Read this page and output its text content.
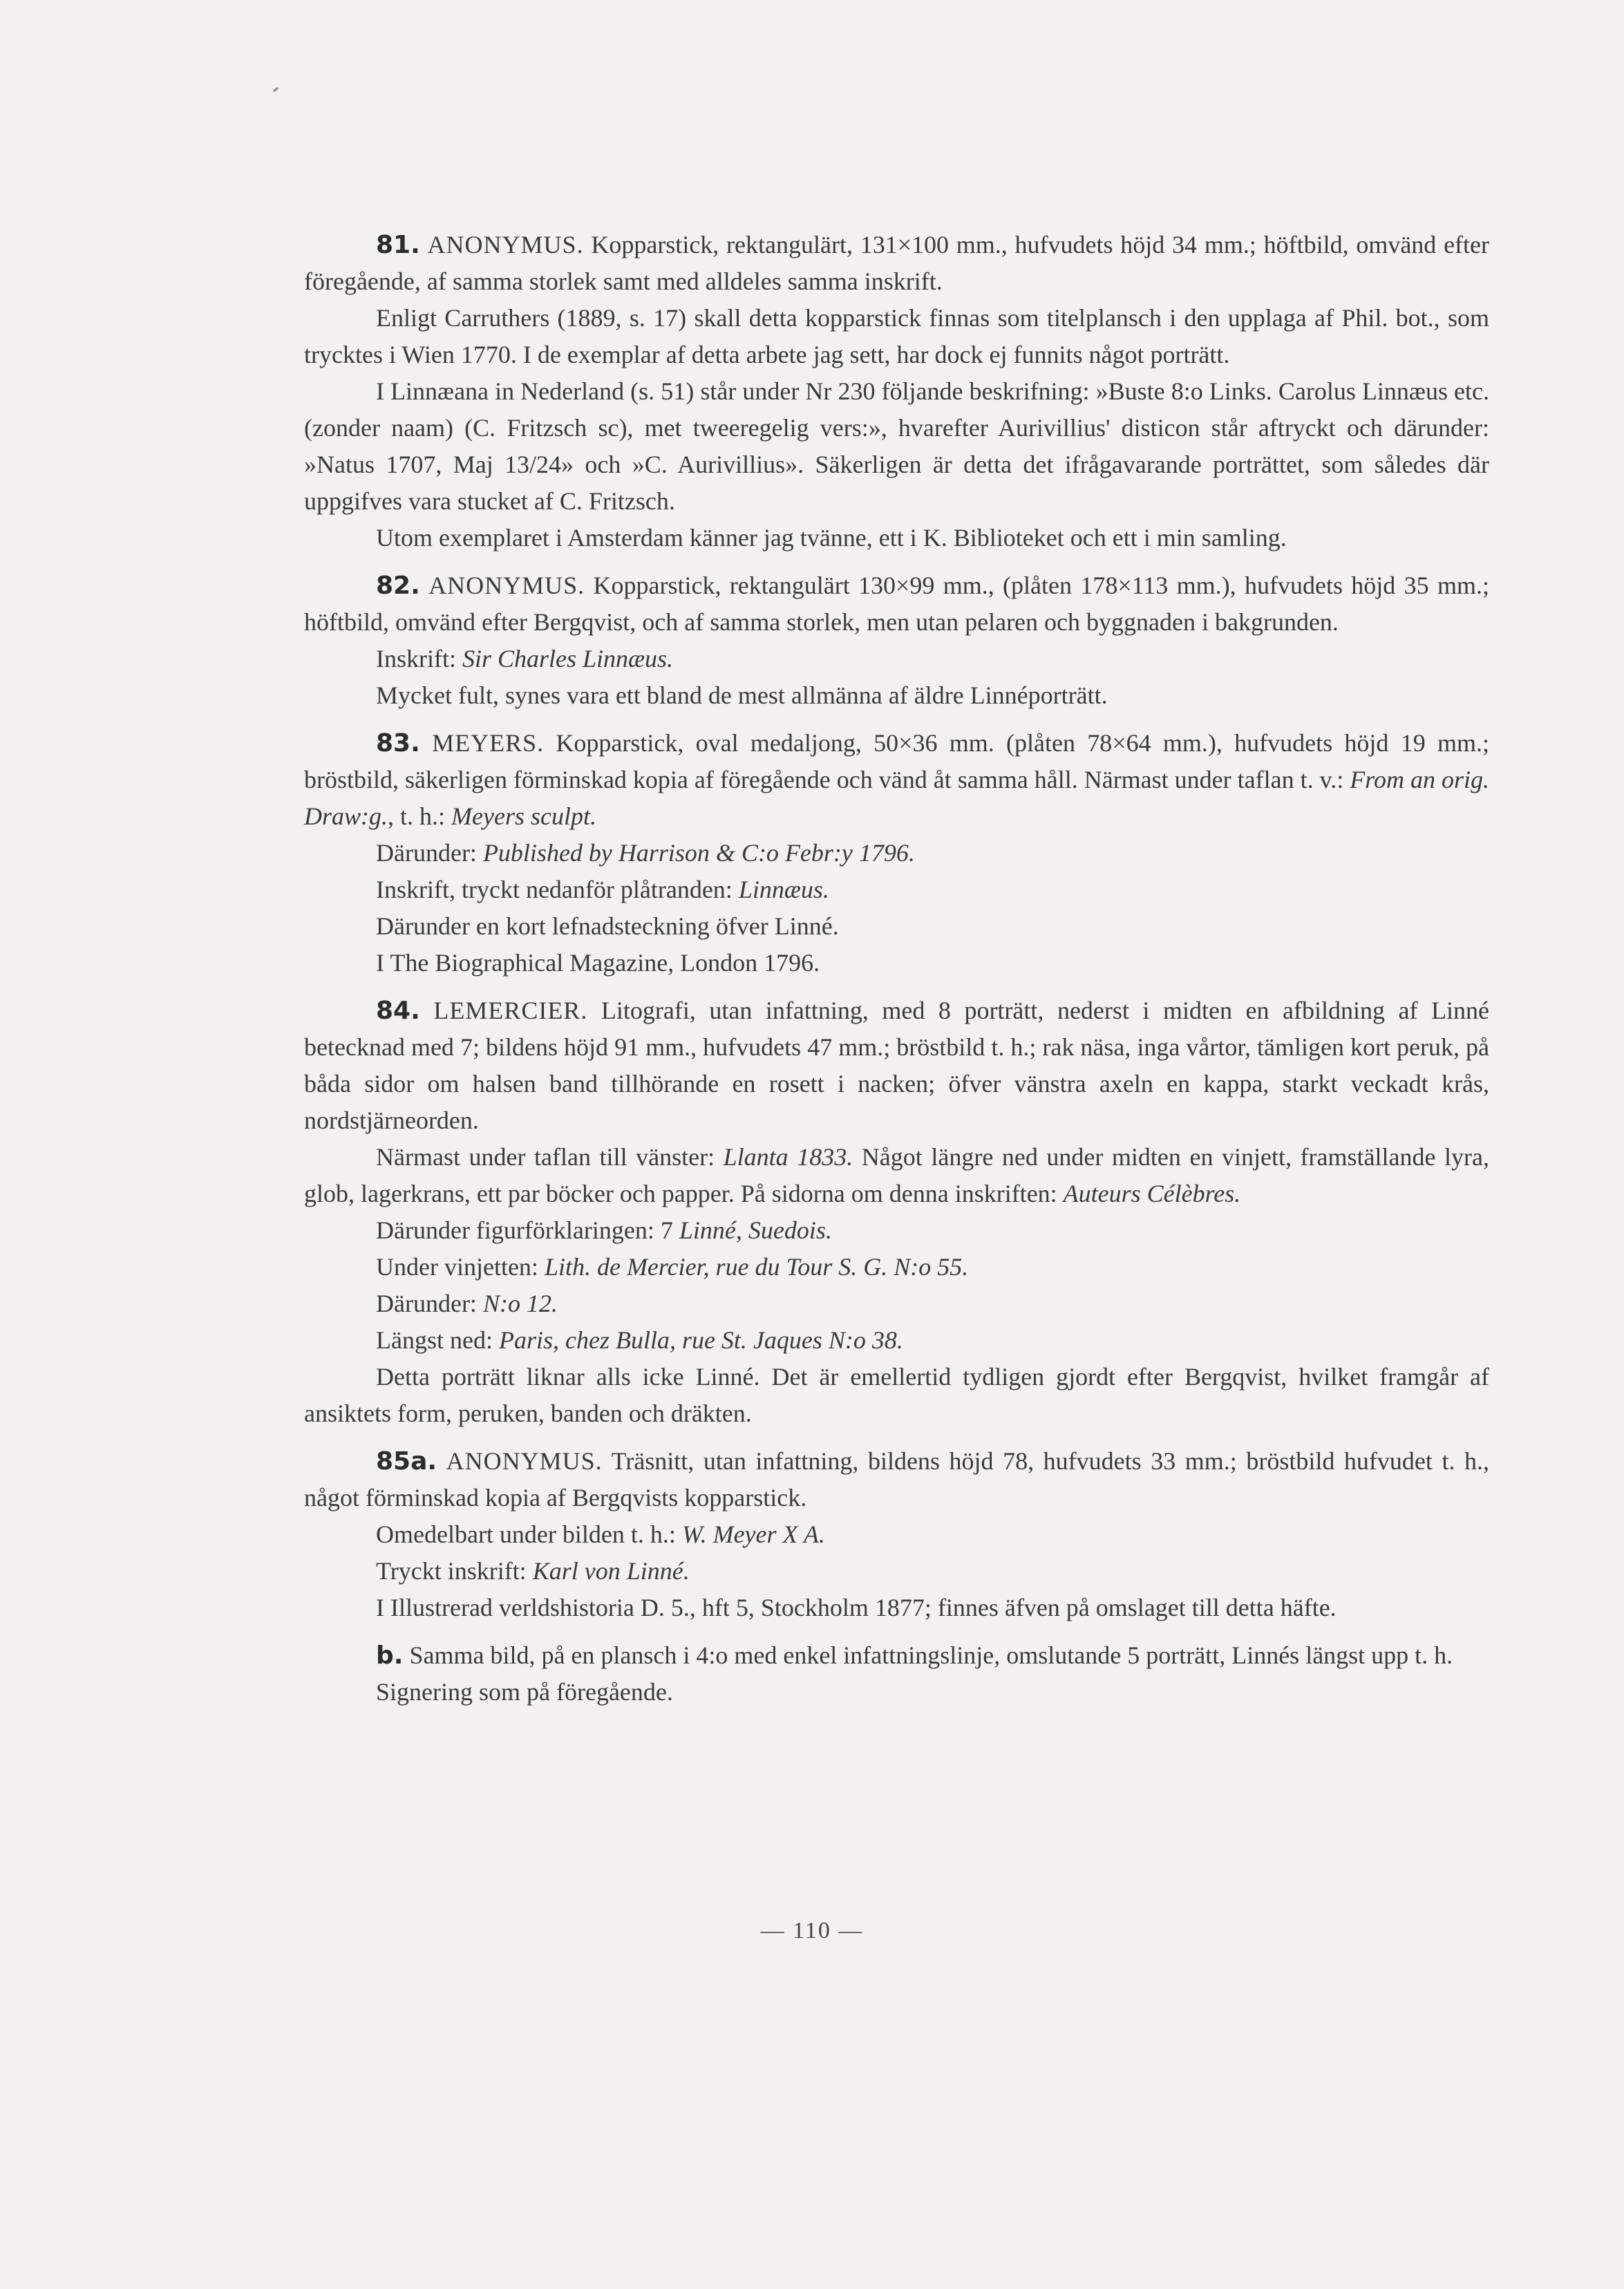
81. ANONYMUS. Kopparstick, rektangulärt, 131×100 mm., hufvudets höjd 34 mm.; höftbild, omvänd efter föregående, af samma storlek samt med alldeles samma inskrift.

Enligt Carruthers (1889, s. 17) skall detta kopparstick finnas som titelplansch i den upplaga af Phil. bot., som trycktes i Wien 1770. I de exemplar af detta arbete jag sett, har dock ej funnits något porträtt.

I Linnæana in Nederland (s. 51) står under Nr 230 följande beskrifning: »Buste 8:o Links. Carolus Linnæus etc. (zonder naam) (C. Fritzsch sc), met tweeregelig vers:», hvarefter Aurivillius' disticon står aftryckt och därunder: »Natus 1707, Maj 13/24» och »C. Aurivillius». Säkerligen är detta det ifrågavarande porträttet, som således där uppgifves vara stucket af C. Fritzsch.

Utom exemplaret i Amsterdam känner jag tvänne, ett i K. Biblioteket och ett i min samling.

82. ANONYMUS. Kopparstick, rektangulärt 130×99 mm., (plåten 178×113 mm.), hufvudets höjd 35 mm.; höftbild, omvänd efter Bergqvist, och af samma storlek, men utan pelaren och byggnaden i bakgrunden.

Inskrift: Sir Charles Linnæus.

Mycket fult, synes vara ett bland de mest allmänna af äldre Linnéporträtt.

83. MEYERS. Kopparstick, oval medaljong, 50×36 mm. (plåten 78×64 mm.), hufvudets höjd 19 mm.; bröstbild, säkerligen förminskad kopia af föregående och vänd åt samma håll. Närmast under taflan t. v.: From an orig. Draw:g., t. h.: Meyers sculpt.

Därunder: Published by Harrison & C:o Febr:y 1796.

Inskrift, tryckt nedanför plåtranden: Linnæus.

Därunder en kort lefnadsteckning öfver Linné.

I The Biographical Magazine, London 1796.

84. LEMERCIER. Litografi, utan infattning, med 8 porträtt, nederst i midten en afbildning af Linné betecknad med 7; bildens höjd 91 mm., hufvudets 47 mm.; bröstbild t. h.; rak näsa, inga vårtor, tämligen kort peruk, på båda sidor om halsen band tillhörande en rosett i nacken; öfver vänstra axeln en kappa, starkt veckadt krås, nordstjärneorden.

Närmast under taflan till vänster: Llanta 1833. Något längre ned under midten en vinjett, framställande lyra, glob, lagerkrans, ett par böcker och papper. På sidorna om denna inskriften: Auteurs Célèbres.

Därunder figurförklaringen: 7 Linné, Suedois.

Under vinjetten: Lith. de Mercier, rue du Tour S. G. N:o 55.

Därunder: N:o 12.

Längst ned: Paris, chez Bulla, rue St. Jaques N:o 38.

Detta porträtt liknar alls icke Linné. Det är emellertid tydligen gjordt efter Bergqvist, hvilket framgår af ansiktets form, peruken, banden och dräkten.

85a. ANONYMUS. Träsnitt, utan infattning, bildens höjd 78, hufvudets 33 mm.; bröstbild hufvudet t. h., något förminskad kopia af Bergqvists kopparstick.

Omedelbart under bilden t. h.: W. Meyer X A.

Tryckt inskrift: Karl von Linné.

I Illustrerad verldshistoria D. 5., hft 5, Stockholm 1877; finnes äfven på omslaget till detta häfte.

b. Samma bild, på en plansch i 4:o med enkel infattningslinje, omslutande 5 porträtt, Linnés längst upp t. h.

Signering som på föregående.

— 110 —
